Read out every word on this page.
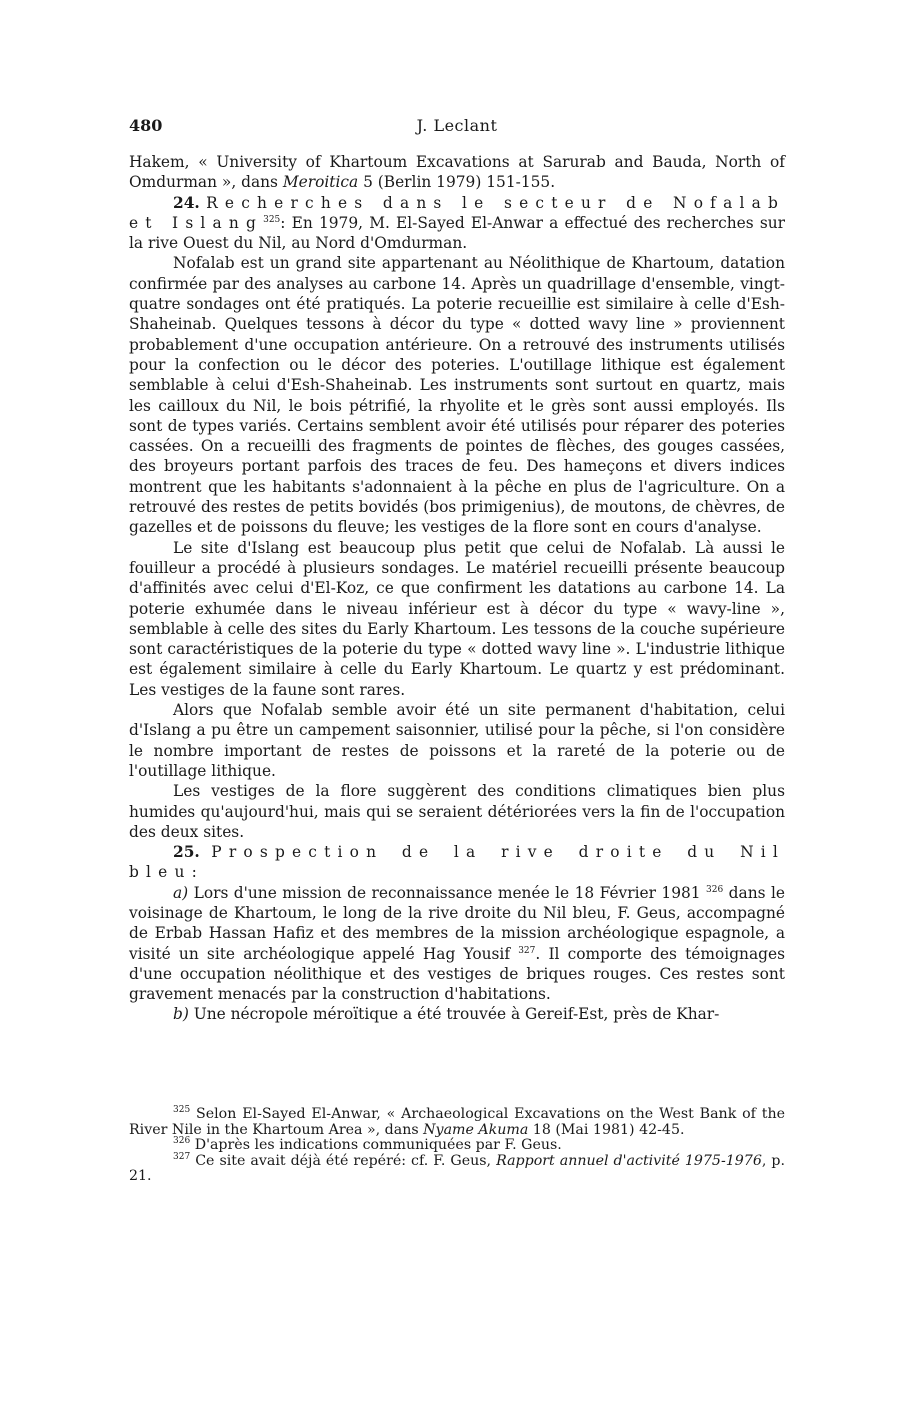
480	J. Leclant

Hakem, « University of Khartoum Excavations at Sarurab and Bauda, North of Omdurman », dans Meroitica 5 (Berlin 1979) 151-155.

24. Recherches dans le secteur de Nofalab et Islang$^{325}$: En 1979, M. El-Sayed El-Anwar a effectué des recherches sur la rive Ouest du Nil, au Nord d'Omdurman.

Nofalab est un grand site appartenant au Néolithique de Khartoum, datation confirmée par des analyses au carbone 14. Après un quadrillage d'ensemble, vingt-quatre sondages ont été pratiqués. La poterie recueillie est similaire à celle d'Esh-Shaheinab. Quelques tessons à décor du type « dotted wavy line » proviennent probablement d'une occupation antérieure. On a retrouvé des instruments utilisés pour la confection ou le décor des poteries. L'outillage lithique est également semblable à celui d'Esh-Shaheinab. Les instruments sont surtout en quartz, mais les cailloux du Nil, le bois pétrifié, la rhyolite et le grès sont aussi employés. Ils sont de types variés. Certains semblent avoir été utilisés pour réparer des poteries cassées. On a recueilli des fragments de pointes de flèches, des gouges cassées, des broyeurs portant parfois des traces de feu. Des hameçons et divers indices montrent que les habitants s'adonnaient à la pêche en plus de l'agriculture. On a retrouvé des restes de petits bovidés (bos primigenius), de moutons, de chèvres, de gazelles et de poissons du fleuve; les vestiges de la flore sont en cours d'analyse.

Le site d'Islang est beaucoup plus petit que celui de Nofalab. Là aussi le fouilleur a procédé à plusieurs sondages. Le matériel recueilli présente beaucoup d'affinités avec celui d'El-Koz, ce que confirment les datations au carbone 14. La poterie exhumée dans le niveau inférieur est à décor du type « wavy-line », semblable à celle des sites du Early Khartoum. Les tessons de la couche supérieure sont caractéristiques de la poterie du type « dotted wavy line ». L'industrie lithique est également similaire à celle du Early Khartoum. Le quartz y est prédominant. Les vestiges de la faune sont rares.

Alors que Nofalab semble avoir été un site permanent d'habitation, celui d'Islang a pu être un campement saisonnier, utilisé pour la pêche, si l'on considère le nombre important de restes de poissons et la rareté de la poterie ou de l'outillage lithique.

Les vestiges de la flore suggèrent des conditions climatiques bien plus humides qu'aujourd'hui, mais qui se seraient détériorées vers la fin de l'occupation des deux sites.

25. Prospection de la rive droite du Nil bleu:

a) Lors d'une mission de reconnaissance menée le 18 Février 1981 $^{326}$ dans le voisinage de Khartoum, le long de la rive droite du Nil bleu, F. Geus, accompagné de Erbab Hassan Hafiz et des membres de la mission archéologique espagnole, a visité un site archéologique appelé Hag Yousif $^{327}$. Il comporte des témoignages d'une occupation néolithique et des vestiges de briques rouges. Ces restes sont gravement menacés par la construction d'habitations.

b) Une nécropole méroïtique a été trouvée à Gereif-Est, près de Khar-

$^{325}$ Selon El-Sayed El-Anwar, « Archaeological Excavations on the West Bank of the River Nile in the Khartoum Area », dans Nyame Akuma 18 (Mai 1981) 42-45.

$^{326}$ D'après les indications communiquées par F. Geus.

$^{327}$ Ce site avait déjà été repéré: cf. F. Geus, Rapport annuel d'activité 1975-1976, p. 21.
